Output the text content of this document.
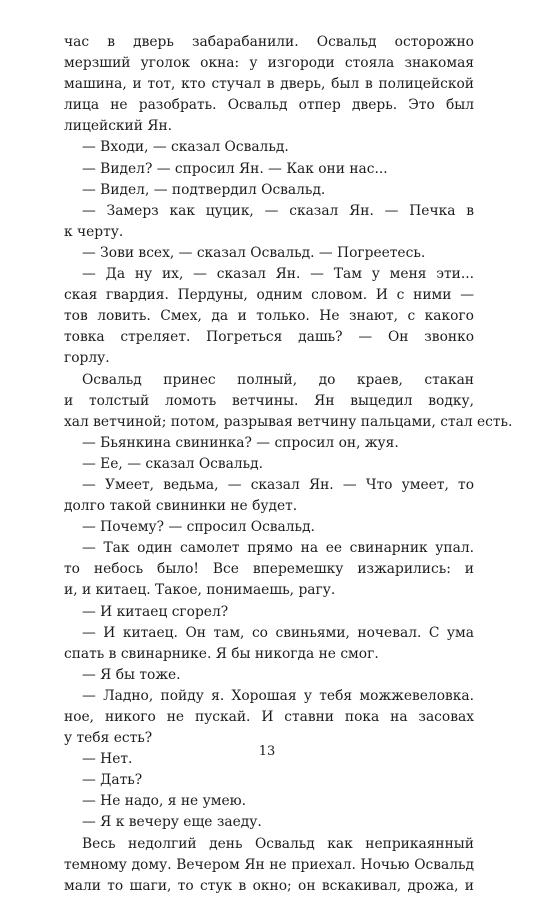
час в дверь забарабанили. Освальд осторожно
мерзший уголок окна: у изгороди стояла знакомая
машина, и тот, кто стучал в дверь, был в полицейской
лица не разобрать. Освальд отпер дверь. Это был
лицейский Ян.
— Входи, — сказал Освальд.
— Видел? — спросил Ян. — Как они нас...
— Видел, — подтвердил Освальд.
— Замерз как цуцик, — сказал Ян. — Печка в
к черту.
— Зови всех, — сказал Освальд. — Погреетесь.
— Да ну их, — сказал Ян. — Там у меня эти...
ская гвардия. Пердуны, одним словом. И с ними —
тов ловить. Смех, да и только. Не знают, с какого
товка стреляет. Погреться дашь? — Он звонко
горлу.
Освальд принес полный, до краев, стакан
и толстый ломоть ветчины. Ян выцедил водку,
хал ветчиной; потом, разрывая ветчину пальцами, стал есть.
— Бьянкина свининка? — спросил он, жуя.
— Ее, — сказал Освальд.
— Умеет, ведьма, — сказал Ян. — Что умеет, то
долго такой свининки не будет.
— Почему? — спросил Освальд.
— Так один самолет прямо на ее свинарник упал.
то небось было! Все вперемешку изжарились: и
и, и китаец. Такое, понимаешь, рагу.
— И китаец сгорел?
— И китаец. Он там, со свиньями, ночевал. С ума
спать в свинарнике. Я бы никогда не смог.
— Я бы тоже.
— Ладно, пойду я. Хорошая у тебя можжевеловка.
ное, никого не пускай. И ставни пока на засовах
у тебя есть?
— Нет.
— Дать?
— Не надо, я не умею.
— Я к вечеру еще заеду.
Весь недолгий день Освальд как неприкаянный
темному дому. Вечером Ян не приехал. Ночью Освальд
мали то шаги, то стук в окно; он вскакивал, дрожа, и
13
